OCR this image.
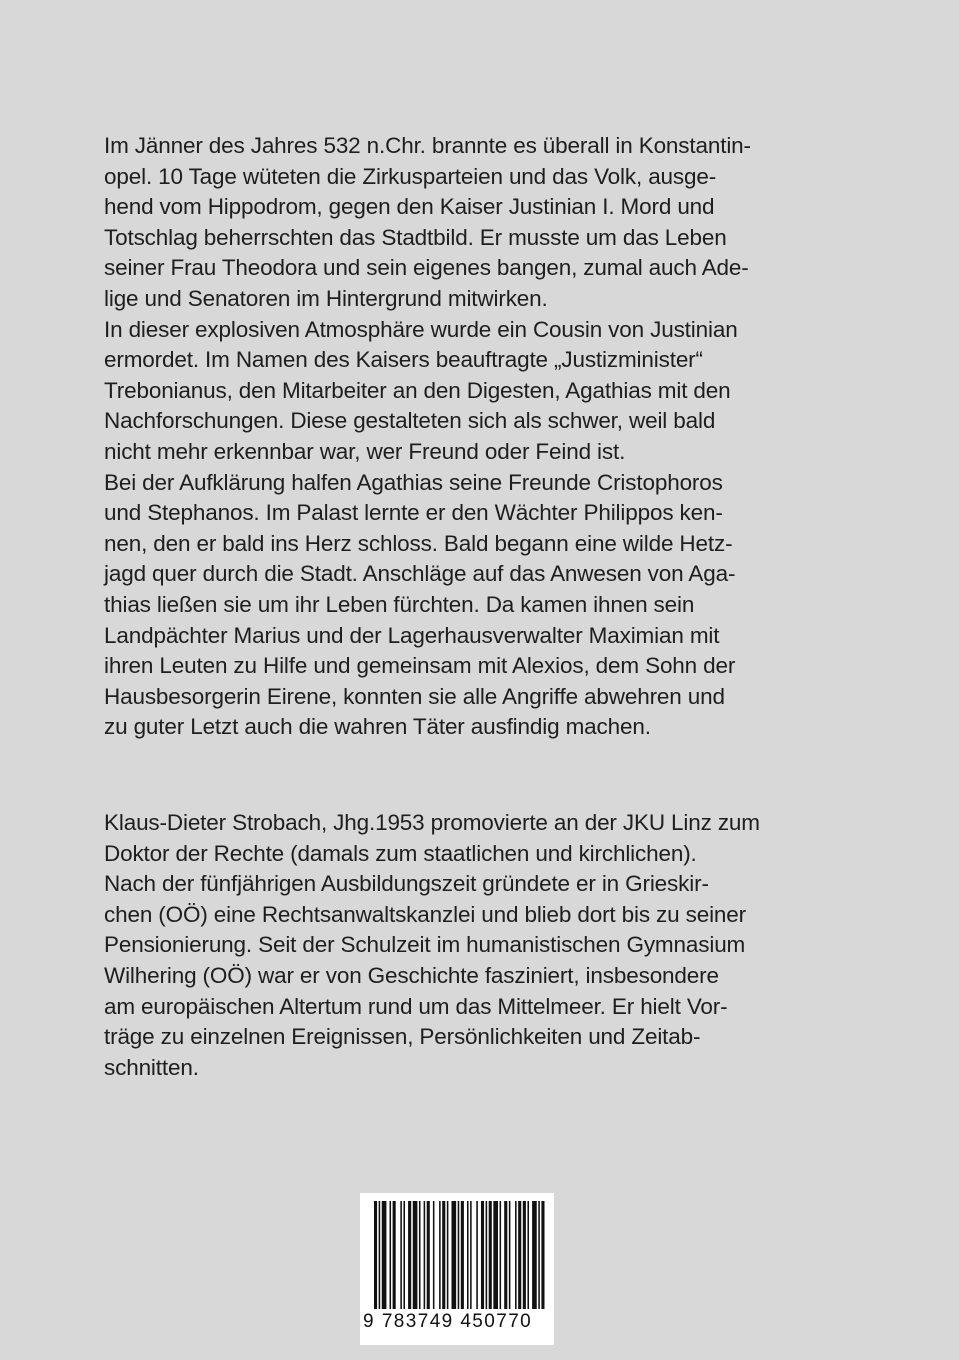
Im Jänner des Jahres 532 n.Chr. brannte es überall in Konstantin-
opel. 10 Tage wüteten die Zirkusparteien und das Volk, ausge-
hend vom Hippodrom, gegen den Kaiser Justinian I. Mord und
Totschlag beherrschten das Stadtbild. Er musste um das Leben
seiner Frau Theodora und sein eigenes bangen, zumal auch Ade-
lige und Senatoren im Hintergrund mitwirken.
In dieser explosiven Atmosphäre wurde ein Cousin von Justinian
ermordet. Im Namen des Kaisers beauftragte „Justizminister“
Trebonianus, den Mitarbeiter an den Digesten, Agathias mit den
Nachforschungen. Diese gestalteten sich als schwer, weil bald
nicht mehr erkennbar war, wer Freund oder Feind ist.
Bei der Aufklärung halfen Agathias seine Freunde Cristophoros
und Stephanos. Im Palast lernte er den Wächter Philippos ken-
nen, den er bald ins Herz schloss. Bald begann eine wilde Hetz-
jagd quer durch die Stadt. Anschläge auf das Anwesen von Aga-
thias ließen sie um ihr Leben fürchten. Da kamen ihnen sein
Landpächter Marius und der Lagerhausverwalter Maximian mit
ihren Leuten zu Hilfe und gemeinsam mit Alexios, dem Sohn der
Hausbesorgerin Eirene, konnten sie alle Angriffe abwehren und
zu guter Letzt auch die wahren Täter ausfindig machen.
Klaus-Dieter Strobach, Jhg.1953 promovierte an der JKU Linz zum
Doktor der Rechte (damals zum staatlichen und kirchlichen).
Nach der fünfjährigen Ausbildungszeit gründete er in Grieskir-
chen (OÖ) eine Rechtsanwaltskanzlei und blieb dort bis zu seiner
Pensionierung. Seit der Schulzeit im humanistischen Gymnasium
Wilhering (OÖ) war er von Geschichte fasziniert, insbesondere
am europäischen Altertum rund um das Mittelmeer. Er hielt Vor-
träge zu einzelnen Ereignissen, Persönlichkeiten und Zeitab-
schnitten.
9 783749 450770
